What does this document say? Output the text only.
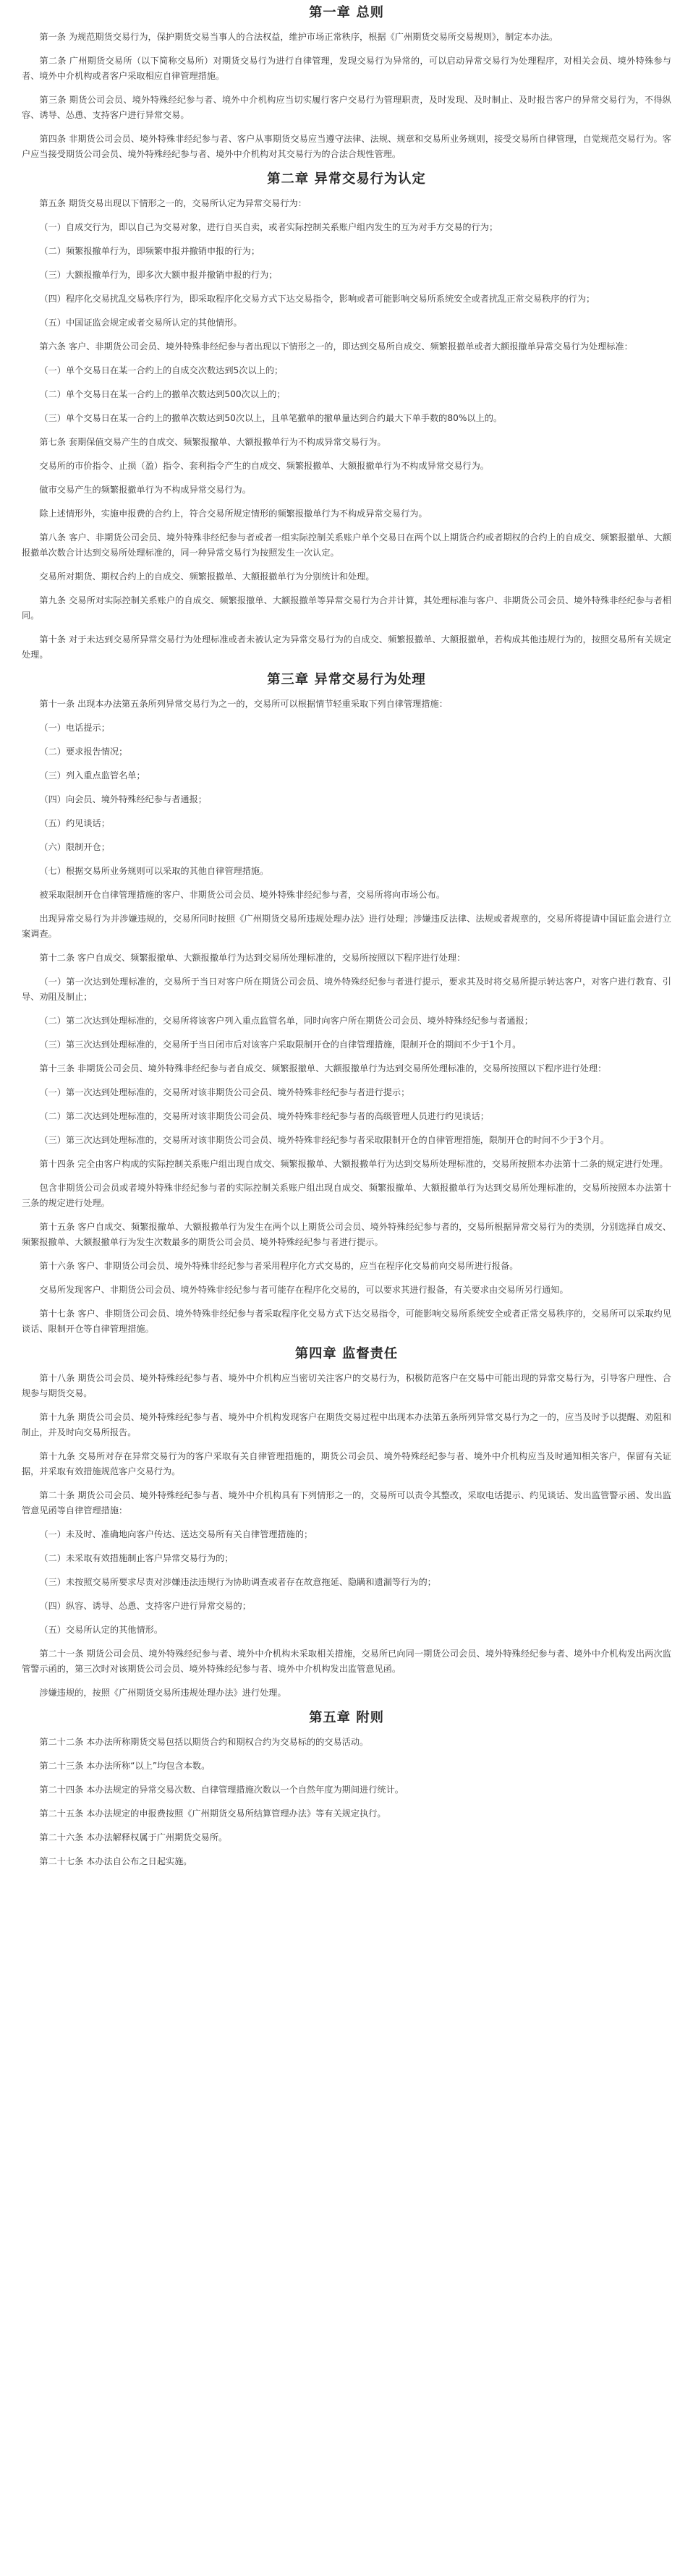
第一章 总则

第一条 为规范期货交易行为，保护期货交易当事人的合法权益，维护市场正常秩序，根据《广州期货交易所交易规则》，制定本办法。

第二条 广州期货交易所（以下简称交易所）对期货交易行为进行自律管理，发现交易行为异常的，可以启动异常交易行为处理程序，对相关会员、境外特殊参与者、境外中介机构或者客户采取相应自律管理措施。

第三条 期货公司会员、境外特殊经纪参与者、境外中介机构应当切实履行客户交易行为管理职责，及时发现、及时制止、及时报告客户的异常交易行为，不得纵容、诱导、怂恿、支持客户进行异常交易。

第四条 非期货公司会员、境外特殊非经纪参与者、客户从事期货交易应当遵守法律、法规、规章和交易所业务规则，接受交易所自律管理，自觉规范交易行为。客户应当接受期货公司会员、境外特殊经纪参与者、境外中介机构对其交易行为的合法合规性管理。

第二章 异常交易行为认定

第五条 期货交易出现以下情形之一的，交易所认定为异常交易行为：

（一）自成交行为，即以自己为交易对象，进行自买自卖，或者实际控制关系账户组内发生的互为对手方交易的行为；

（二）频繁报撤单行为，即频繁申报并撤销申报的行为；

（三）大额报撤单行为，即多次大额申报并撤销申报的行为；

（四）程序化交易扰乱交易秩序行为，即采取程序化交易方式下达交易指令，影响或者可能影响交易所系统安全或者扰乱正常交易秩序的行为；

（五）中国证监会规定或者交易所认定的其他情形。

第六条 客户、非期货公司会员、境外特殊非经纪参与者出现以下情形之一的，即达到交易所自成交、频繁报撤单或者大额报撤单异常交易行为处理标准：

（一）单个交易日在某一合约上的自成交次数达到5次以上的；

（二）单个交易日在某一合约上的撤单次数达到500次以上的；

（三）单个交易日在某一合约上的撤单次数达到50次以上，且单笔撤单的撤单量达到合约最大下单手数的80%以上的。

第七条 套期保值交易产生的自成交、频繁报撤单、大额报撤单行为不构成异常交易行为。

交易所的市价指令、止损（盈）指令、套利指令产生的自成交、频繁报撤单、大额报撤单行为不构成异常交易行为。

做市交易产生的频繁报撤单行为不构成异常交易行为。

除上述情形外，实施申报费的合约上，符合交易所规定情形的频繁报撤单行为不构成异常交易行为。

第八条 客户、非期货公司会员、境外特殊非经纪参与者或者一组实际控制关系账户单个交易日在两个以上期货合约或者期权的合约上的自成交、频繁报撤单、大额报撤单次数合计达到交易所处理标准的，同一种异常交易行为按照发生一次认定。

交易所对期货、期权合约上的自成交、频繁报撤单、大额报撤单行为分别统计和处理。

第九条 交易所对实际控制关系账户的自成交、频繁报撤单、大额报撤单等异常交易行为合并计算，其处理标准与客户、非期货公司会员、境外特殊非经纪参与者相同。

第十条 对于未达到交易所异常交易行为处理标准或者未被认定为异常交易行为的自成交、频繁报撤单、大额报撤单，若构成其他违规行为的，按照交易所有关规定处理。

第三章 异常交易行为处理

第十一条 出现本办法第五条所列异常交易行为之一的，交易所可以根据情节轻重采取下列自律管理措施：

（一）电话提示；

（二）要求报告情况；

（三）列入重点监管名单；

（四）向会员、境外特殊经纪参与者通报；

（五）约见谈话；

（六）限制开仓；

（七）根据交易所业务规则可以采取的其他自律管理措施。

被采取限制开仓自律管理措施的客户、非期货公司会员、境外特殊非经纪参与者，交易所将向市场公布。

出现异常交易行为并涉嫌违规的，交易所同时按照《广州期货交易所违规处理办法》进行处理；涉嫌违反法律、法规或者规章的，交易所将提请中国证监会进行立案调查。

第十二条 客户自成交、频繁报撤单、大额报撤单行为达到交易所处理标准的，交易所按照以下程序进行处理：

（一）第一次达到处理标准的，交易所于当日对客户所在期货公司会员、境外特殊经纪参与者进行提示，要求其及时将交易所提示转达客户，对客户进行教育、引导、劝阻及制止；

（二）第二次达到处理标准的，交易所将该客户列入重点监管名单，同时向客户所在期货公司会员、境外特殊经纪参与者通报；

（三）第三次达到处理标准的，交易所于当日闭市后对该客户采取限制开仓的自律管理措施，限制开仓的期间不少于1个月。

第十三条 非期货公司会员、境外特殊非经纪参与者自成交、频繁报撤单、大额报撤单行为达到交易所处理标准的，交易所按照以下程序进行处理：

（一）第一次达到处理标准的，交易所对该非期货公司会员、境外特殊非经纪参与者进行提示；

（二）第二次达到处理标准的，交易所对该非期货公司会员、境外特殊非经纪参与者的高级管理人员进行约见谈话；

（三）第三次达到处理标准的，交易所对该非期货公司会员、境外特殊非经纪参与者采取限制开仓的自律管理措施，限制开仓的时间不少于3个月。

第十四条 完全由客户构成的实际控制关系账户组出现自成交、频繁报撤单、大额报撤单行为达到交易所处理标准的，交易所按照本办法第十二条的规定进行处理。

包含非期货公司会员或者境外特殊非经纪参与者的实际控制关系账户组出现自成交、频繁报撤单、大额报撤单行为达到交易所处理标准的，交易所按照本办法第十三条的规定进行处理。

第十五条 客户自成交、频繁报撤单、大额报撤单行为发生在两个以上期货公司会员、境外特殊经纪参与者的，交易所根据异常交易行为的类别，分别选择自成交、频繁报撤单、大额报撤单行为发生次数最多的期货公司会员、境外特殊经纪参与者进行提示。

第十六条 客户、非期货公司会员、境外特殊非经纪参与者采用程序化方式交易的，应当在程序化交易前向交易所进行报备。

交易所发现客户、非期货公司会员、境外特殊非经纪参与者可能存在程序化交易的，可以要求其进行报备，有关要求由交易所另行通知。

第十七条 客户、非期货公司会员、境外特殊非经纪参与者采取程序化交易方式下达交易指令，可能影响交易所系统安全或者正常交易秩序的，交易所可以采取约见谈话、限制开仓等自律管理措施。

第四章 监督责任

第十八条 期货公司会员、境外特殊经纪参与者、境外中介机构应当密切关注客户的交易行为，积极防范客户在交易中可能出现的异常交易行为，引导客户理性、合规参与期货交易。

第十九条 期货公司会员、境外特殊经纪参与者、境外中介机构发现客户在期货交易过程中出现本办法第五条所列异常交易行为之一的，应当及时予以提醒、劝阻和制止，并及时向交易所报告。

第十九条 交易所对存在异常交易行为的客户采取有关自律管理措施的，期货公司会员、境外特殊经纪参与者、境外中介机构应当及时通知相关客户，保留有关证据，并采取有效措施规范客户交易行为。

第二十条 期货公司会员、境外特殊经纪参与者、境外中介机构具有下列情形之一的，交易所可以责令其整改，采取电话提示、约见谈话、发出监管警示函、发出监管意见函等自律管理措施：

（一）未及时、准确地向客户传达、送达交易所有关自律管理措施的；

（二）未采取有效措施制止客户异常交易行为的；

（三）未按照交易所要求尽责对涉嫌违法违规行为协助调查或者存在故意拖延、隐瞒和遗漏等行为的；

（四）纵容、诱导、怂恿、支持客户进行异常交易的；

（五）交易所认定的其他情形。

第二十一条 期货公司会员、境外特殊经纪参与者、境外中介机构未采取相关措施，交易所已向同一期货公司会员、境外特殊经纪参与者、境外中介机构发出两次监管警示函的，第三次时对该期货公司会员、境外特殊经纪参与者、境外中介机构发出监管意见函。

涉嫌违规的，按照《广州期货交易所违规处理办法》进行处理。

第五章 附则

第二十二条 本办法所称期货交易包括以期货合约和期权合约为交易标的的交易活动。

第二十三条 本办法所称“以上”均包含本数。

第二十四条 本办法规定的异常交易次数、自律管理措施次数以一个自然年度为期间进行统计。

第二十五条 本办法规定的申报费按照《广州期货交易所结算管理办法》等有关规定执行。

第二十六条 本办法解释权属于广州期货交易所。

第二十七条 本办法自公布之日起实施。
